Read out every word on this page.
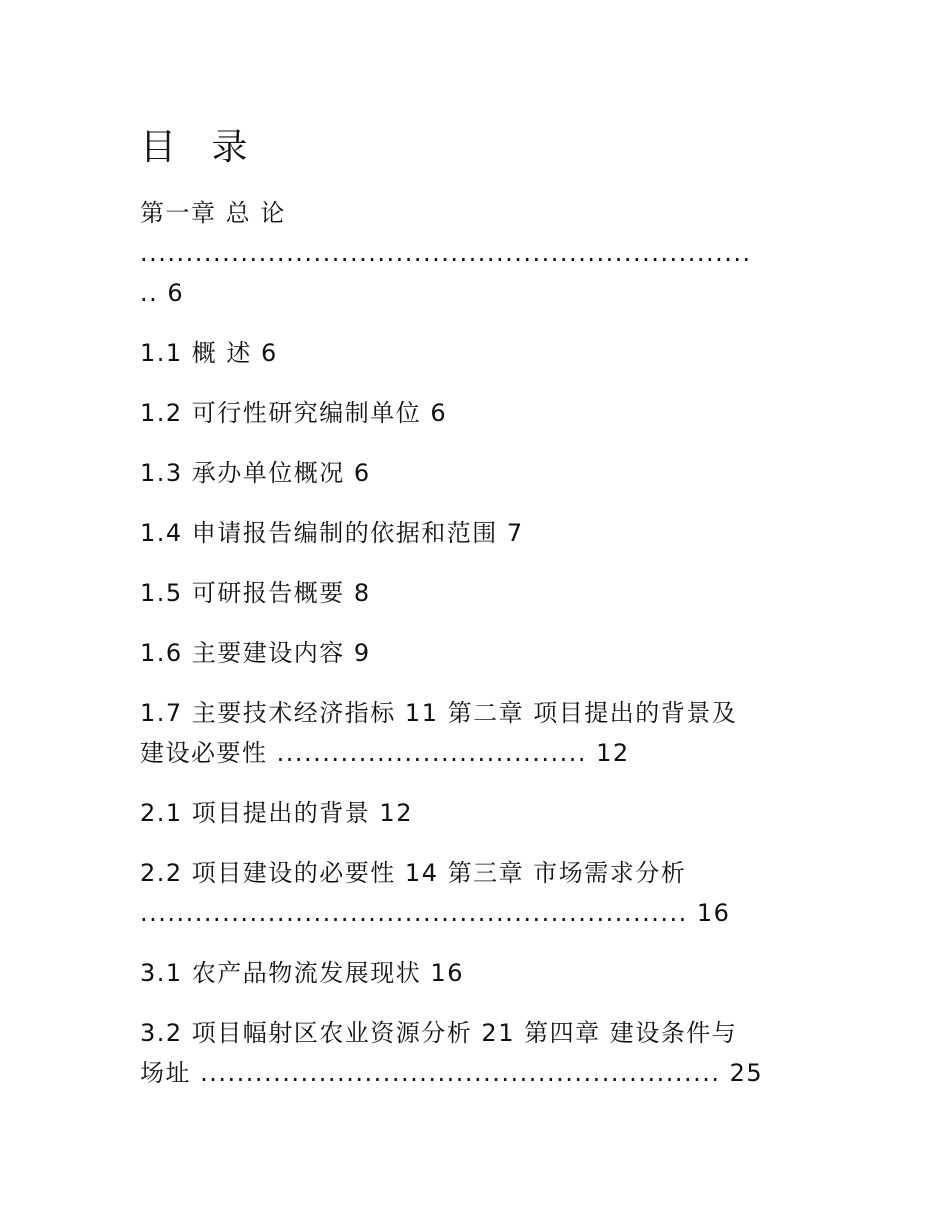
目 录
第一章 总 论
...................................................................
.. 6
1.1 概 述 6
1.2 可行性研究编制单位 6
1.3 承办单位概况 6
1.4 申请报告编制的依据和范围 7
1.5 可研报告概要 8
1.6 主要建设内容 9
1.7 主要技术经济指标 11 第二章 项目提出的背景及
建设必要性 .................................. 12
2.1 项目提出的背景 12
2.2 项目建设的必要性 14 第三章 市场需求分析
............................................................ 16
3.1 农产品物流发展现状 16
3.2 项目幅射区农业资源分析 21 第四章 建设条件与
场址 ......................................................... 25
